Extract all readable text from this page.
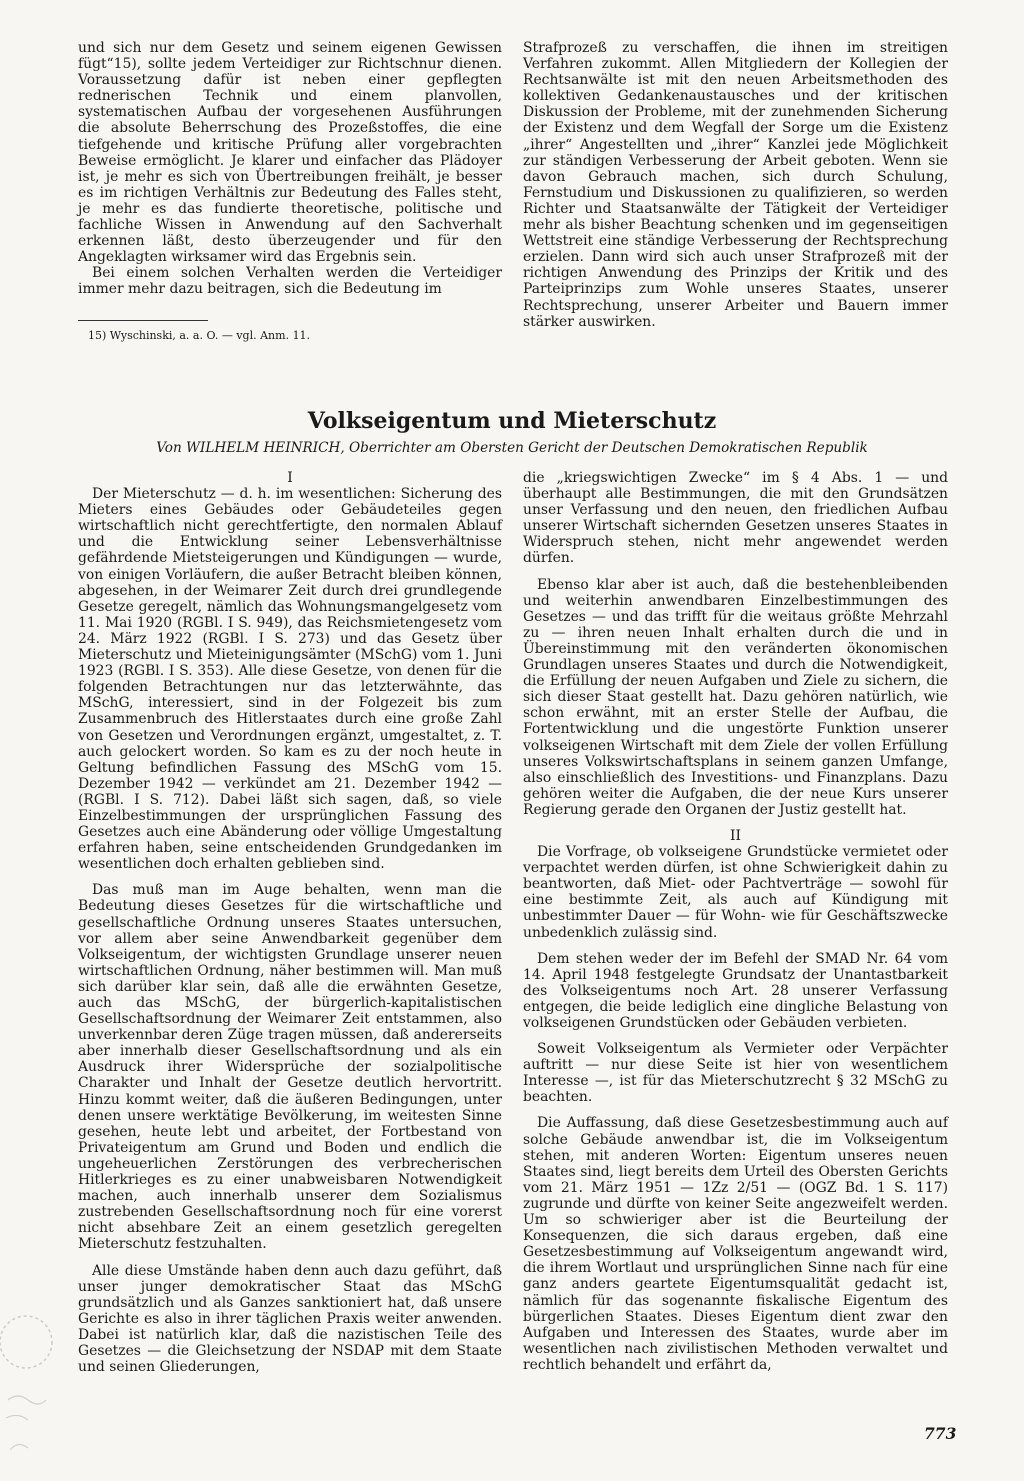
und sich nur dem Gesetz und seinem eigenen Gewissen fügt“15), sollte jedem Verteidiger zur Richtschnur dienen. Voraussetzung dafür ist neben einer gepflegten rednerischen Technik und einem planvollen, systematischen Aufbau der vorgesehenen Ausführungen die absolute Beherrschung des Prozeßstoffes, die eine tiefgehende und kritische Prüfung aller vorgebrachten Beweise ermöglicht. Je klarer und einfacher das Plädoyer ist, je mehr es sich von Übertreibungen freihält, je besser es im richtigen Verhältnis zur Bedeutung des Falles steht, je mehr es das fundierte theoretische, politische und fachliche Wissen in Anwendung auf den Sachverhalt erkennen läßt, desto überzeugender und für den Angeklagten wirksamer wird das Ergebnis sein.

Bei einem solchen Verhalten werden die Verteidiger immer mehr dazu beitragen, sich die Bedeutung im

15) Wyschinski, a. a. O. — vgl. Anm. 11.

Strafprozeß zu verschaffen, die ihnen im streitigen Verfahren zukommt. Allen Mitgliedern der Kollegien der Rechtsanwälte ist mit den neuen Arbeitsmethoden des kollektiven Gedankenaustausches und der kritischen Diskussion der Probleme, mit der zunehmenden Sicherung der Existenz und dem Wegfall der Sorge um die Existenz „ihrer“ Angestellten und „ihrer“ Kanzlei jede Möglichkeit zur ständigen Verbesserung der Arbeit geboten. Wenn sie davon Gebrauch machen, sich durch Schulung, Fernstudium und Diskussionen zu qualifizieren, so werden Richter und Staatsanwälte der Tätigkeit der Verteidiger mehr als bisher Beachtung schenken und im gegenseitigen Wettstreit eine ständige Verbesserung der Rechtsprechung erzielen. Dann wird sich auch unser Strafprozeß mit der richtigen Anwendung des Prinzips der Kritik und des Parteiprinzips zum Wohle unseres Staates, unserer Rechtsprechung, unserer Arbeiter und Bauern immer stärker auswirken.

Volkseigentum und Mieterschutz
Von WILHELM HEINRICH, Oberrichter am Obersten Gericht der Deutschen Demokratischen Republik

I

Der Mieterschutz — d. h. im wesentlichen: Sicherung des Mieters eines Gebäudes oder Gebäudeteiles gegen wirtschaftlich nicht gerechtfertigte, den normalen Ablauf und die Entwicklung seiner Lebensverhältnisse gefährdende Mietsteigerungen und Kündigungen — wurde, von einigen Vorläufern, die außer Betracht bleiben können, abgesehen, in der Weimarer Zeit durch drei grundlegende Gesetze geregelt, nämlich das Wohnungsmangelgesetz vom 11. Mai 1920 (RGBl. I S. 949), das Reichsmietengesetz vom 24. März 1922 (RGBl. I S. 273) und das Gesetz über Mieterschutz und Mieteinigungsämter (MSchG) vom 1. Juni 1923 (RGBl. I S. 353). Alle diese Gesetze, von denen für die folgenden Betrachtungen nur das letzterwähnte, das MSchG, interessiert, sind in der Folgezeit bis zum Zusammenbruch des Hitlerstaates durch eine große Zahl von Gesetzen und Verordnungen ergänzt, umgestaltet, z. T. auch gelockert worden. So kam es zu der noch heute in Geltung befindlichen Fassung des MSchG vom 15. Dezember 1942 — verkündet am 21. Dezember 1942 — (RGBl. I S. 712). Dabei läßt sich sagen, daß, so viele Einzelbestimmungen der ursprünglichen Fassung des Gesetzes auch eine Abänderung oder völlige Umgestaltung erfahren haben, seine entscheidenden Grundgedanken im wesentlichen doch erhalten geblieben sind.

Das muß man im Auge behalten, wenn man die Bedeutung dieses Gesetzes für die wirtschaftliche und gesellschaftliche Ordnung unseres Staates untersuchen, vor allem aber seine Anwendbarkeit gegenüber dem Volkseigentum, der wichtigsten Grundlage unserer neuen wirtschaftlichen Ordnung, näher bestimmen will. Man muß sich darüber klar sein, daß alle die erwähnten Gesetze, auch das MSchG, der bürgerlich-kapitalistischen Gesellschaftsordnung der Weimarer Zeit entstammen, also unverkennbar deren Züge tragen müssen, daß andererseits aber innerhalb dieser Gesellschaftsordnung und als ein Ausdruck ihrer Widersprüche der sozialpolitische Charakter und Inhalt der Gesetze deutlich hervortritt. Hinzu kommt weiter, daß die äußeren Bedingungen, unter denen unsere werktätige Bevölkerung, im weitesten Sinne gesehen, heute lebt und arbeitet, der Fortbestand von Privateigentum am Grund und Boden und endlich die ungeheuerlichen Zerstörungen des verbrecherischen Hitlerkrieges es zu einer unabweisbaren Notwendigkeit machen, auch innerhalb unserer dem Sozialismus zustrebenden Gesellschaftsordnung noch für eine vorerst nicht absehbare Zeit an einem gesetzlich geregelten Mieterschutz festzuhalten.

Alle diese Umstände haben denn auch dazu geführt, daß unser junger demokratischer Staat das MSchG grundsätzlich und als Ganzes sanktioniert hat, daß unsere Gerichte es also in ihrer täglichen Praxis weiter anwenden. Dabei ist natürlich klar, daß die nazistischen Teile des Gesetzes — die Gleichsetzung der NSDAP mit dem Staate und seinen Gliederungen,

die „kriegswichtigen Zwecke“ im § 4 Abs. 1 — und überhaupt alle Bestimmungen, die mit den Grundsätzen unser Verfassung und den neuen, den friedlichen Aufbau unserer Wirtschaft sichernden Gesetzen unseres Staates in Widerspruch stehen, nicht mehr angewendet werden dürfen.

Ebenso klar aber ist auch, daß die bestehenbleibenden und weiterhin anwendbaren Einzelbestimmungen des Gesetzes — und das trifft für die weitaus größte Mehrzahl zu — ihren neuen Inhalt erhalten durch die und in Übereinstimmung mit den veränderten ökonomischen Grundlagen unseres Staates und durch die Notwendigkeit, die Erfüllung der neuen Aufgaben und Ziele zu sichern, die sich dieser Staat gestellt hat. Dazu gehören natürlich, wie schon erwähnt, mit an erster Stelle der Aufbau, die Fortentwicklung und die ungestörte Funktion unserer volkseigenen Wirtschaft mit dem Ziele der vollen Erfüllung unseres Volkswirtschaftsplans in seinem ganzen Umfange, also einschließlich des Investitions- und Finanzplans. Dazu gehören weiter die Aufgaben, die der neue Kurs unserer Regierung gerade den Organen der Justiz gestellt hat.

II

Die Vorfrage, ob volkseigene Grundstücke vermietet oder verpachtet werden dürfen, ist ohne Schwierigkeit dahin zu beantworten, daß Miet- oder Pachtverträge — sowohl für eine bestimmte Zeit, als auch auf Kündigung mit unbestimmter Dauer — für Wohn- wie für Geschäftszwecke unbedenklich zulässig sind.

Dem stehen weder der im Befehl der SMAD Nr. 64 vom 14. April 1948 festgelegte Grundsatz der Unantastbarkeit des Volkseigentums noch Art. 28 unserer Verfassung entgegen, die beide lediglich eine dingliche Belastung von volkseigenen Grundstücken oder Gebäuden verbieten.

Soweit Volkseigentum als Vermieter oder Verpächter auftritt — nur diese Seite ist hier von wesentlichem Interesse —, ist für das Mieterschutzrecht § 32 MSchG zu beachten.

Die Auffassung, daß diese Gesetzesbestimmung auch auf solche Gebäude anwendbar ist, die im Volkseigentum stehen, mit anderen Worten: Eigentum unseres neuen Staates sind, liegt bereits dem Urteil des Obersten Gerichts vom 21. März 1951 — 1Zz 2/51 — (OGZ Bd. 1 S. 117) zugrunde und dürfte von keiner Seite angezweifelt werden. Um so schwieriger aber ist die Beurteilung der Konsequenzen, die sich daraus ergeben, daß eine Gesetzesbestimmung auf Volkseigentum angewandt wird, die ihrem Wortlaut und ursprünglichen Sinne nach für eine ganz anders geartete Eigentumsqualität gedacht ist, nämlich für das sogenannte fiskalische Eigentum des bürgerlichen Staates. Dieses Eigentum dient zwar den Aufgaben und Interessen des Staates, wurde aber im wesentlichen nach zivilistischen Methoden verwaltet und rechtlich behandelt und erfährt da,

773
